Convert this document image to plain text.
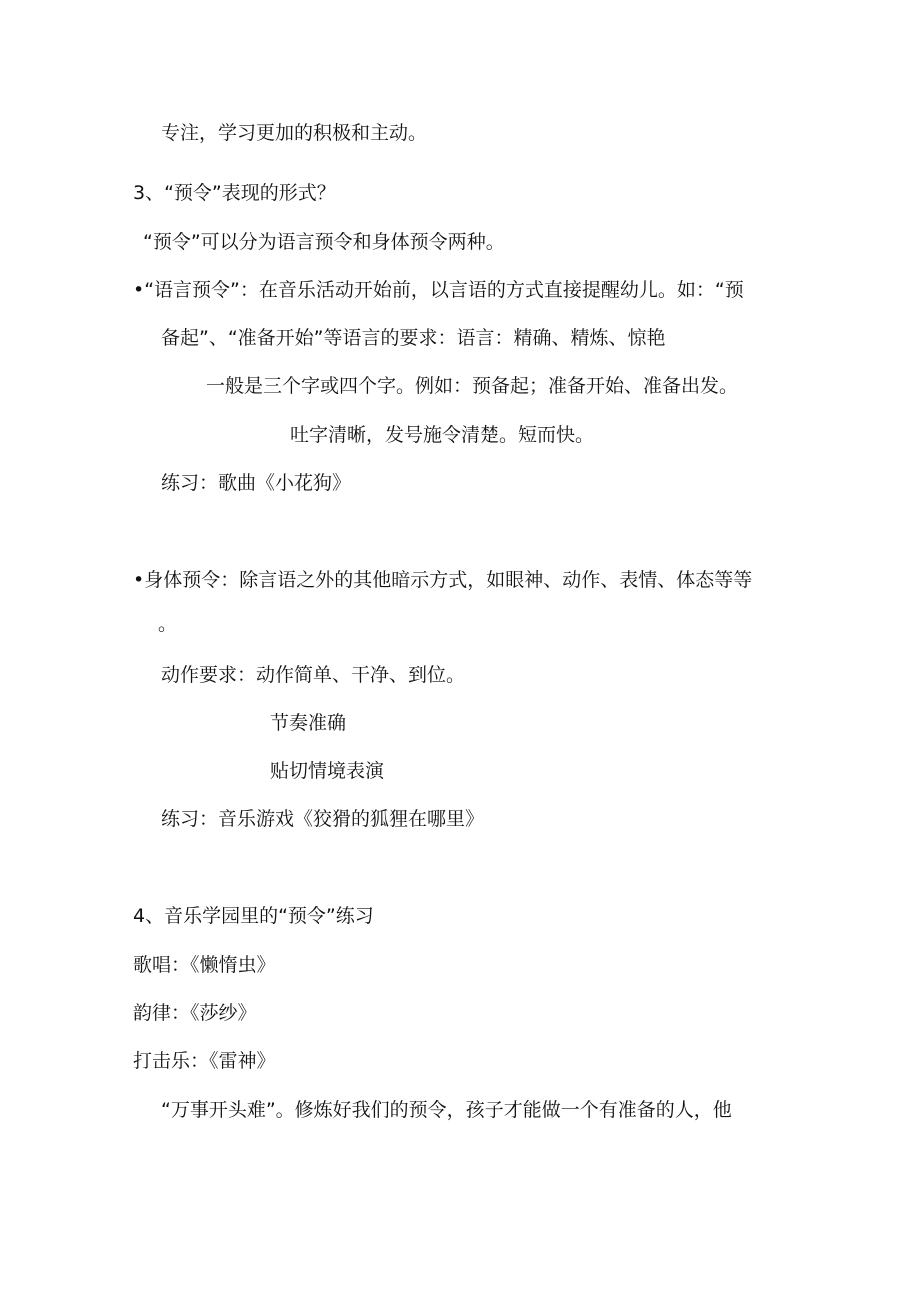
专注，学习更加的积极和主动。
3、“预令”表现的形式？
“预令”可以分为语言预令和身体预令两种。
•“语言预令”：在音乐活动开始前，以言语的方式直接提醒幼儿。如：“预
备起”、“准备开始”等语言的要求：语言：精确、精炼、惊艳
一般是三个字或四个字。例如：预备起；准备开始、准备出发。
吐字清晰，发号施令清楚。短而快。
练习：歌曲《小花狗》
•身体预令：除言语之外的其他暗示方式，如眼神、动作、表情、体态等等
。
动作要求：动作简单、干净、到位。
节奏准确
贴切情境表演
练习：音乐游戏《狡猾的狐狸在哪里》
4、音乐学园里的“预令”练习
歌唱：《懒惰虫》
韵律：《莎纱》
打击乐：《雷神》
“万事开头难”。修炼好我们的预令，孩子才能做一个有准备的人，他
